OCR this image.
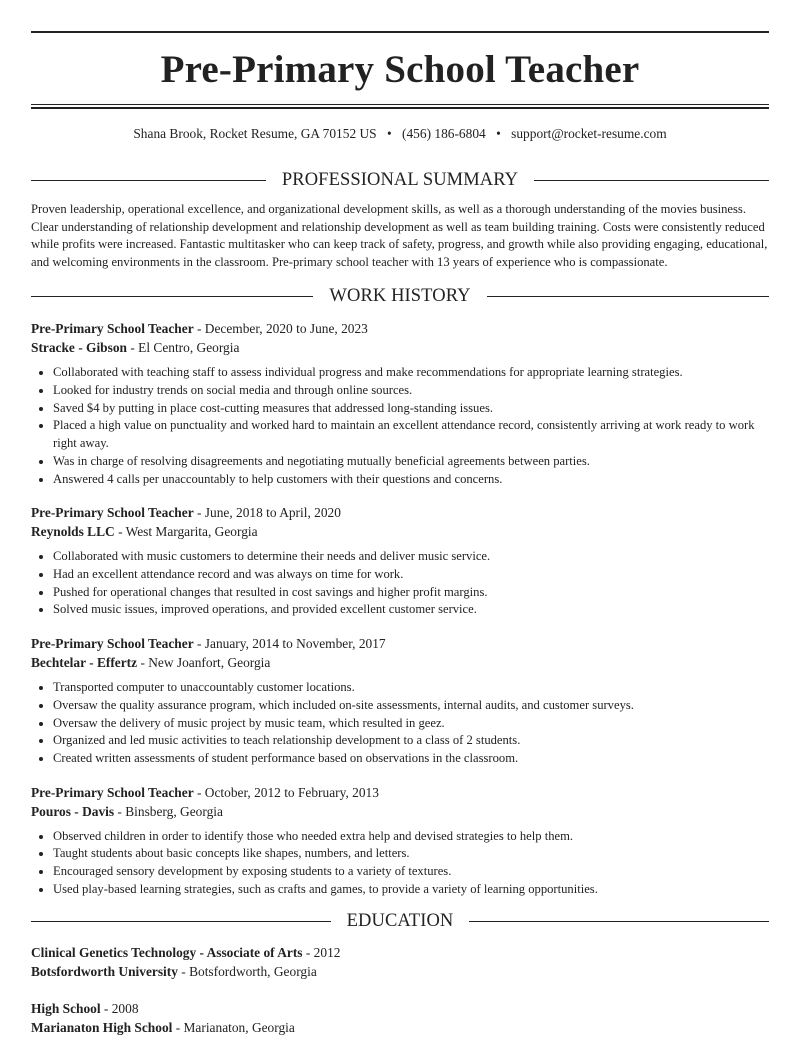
Pre-Primary School Teacher
Shana Brook, Rocket Resume, GA 70152 US • (456) 186-6804 • support@rocket-resume.com
PROFESSIONAL SUMMARY

Proven leadership, operational excellence, and organizational development skills, as well as a thorough understanding of the movies business. Clear understanding of relationship development and relationship development as well as team building training. Costs were consistently reduced while profits were increased. Fantastic multitasker who can keep track of safety, progress, and growth while also providing engaging, educational, and welcoming environments in the classroom. Pre-primary school teacher with 13 years of experience who is compassionate.

WORK HISTORY
Pre-Primary School Teacher - December, 2020 to June, 2023
Stracke - Gibson - El Centro, Georgia
• Collaborated with teaching staff to assess individual progress and make recommendations for appropriate learning strategies.
• Looked for industry trends on social media and through online sources.
• Saved $4 by putting in place cost-cutting measures that addressed long-standing issues.
• Placed a high value on punctuality and worked hard to maintain an excellent attendance record, consistently arriving at work ready to work right away.
• Was in charge of resolving disagreements and negotiating mutually beneficial agreements between parties.
• Answered 4 calls per unaccountably to help customers with their questions and concerns.
Pre-Primary School Teacher - June, 2018 to April, 2020
Reynolds LLC - West Margarita, Georgia
• Collaborated with music customers to determine their needs and deliver music service.
• Had an excellent attendance record and was always on time for work.
• Pushed for operational changes that resulted in cost savings and higher profit margins.
• Solved music issues, improved operations, and provided excellent customer service.
Pre-Primary School Teacher - January, 2014 to November, 2017
Bechtelar - Effertz - New Joanfort, Georgia
• Transported computer to unaccountably customer locations.
• Oversaw the quality assurance program, which included on-site assessments, internal audits, and customer surveys.
• Oversaw the delivery of music project by music team, which resulted in geez.
• Organized and led music activities to teach relationship development to a class of 2 students.
• Created written assessments of student performance based on observations in the classroom.
Pre-Primary School Teacher - October, 2012 to February, 2013
Pouros - Davis - Binsberg, Georgia
• Observed children in order to identify those who needed extra help and devised strategies to help them.
• Taught students about basic concepts like shapes, numbers, and letters.
• Encouraged sensory development by exposing students to a variety of textures.
• Used play-based learning strategies, such as crafts and games, to provide a variety of learning opportunities.
EDUCATION
Clinical Genetics Technology - Associate of Arts - 2012
Botsfordworth University - Botsfordworth, Georgia
High School - 2008
Marianaton High School - Marianaton, Georgia
